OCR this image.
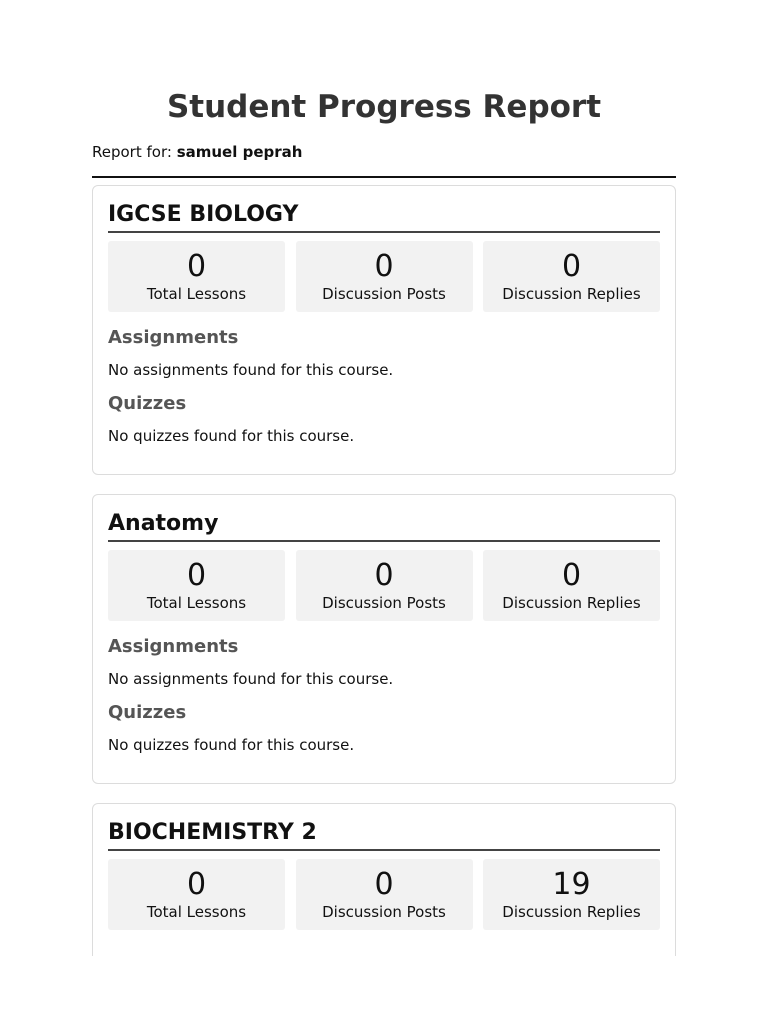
Student Progress Report
Report for: samuel peprah
IGCSE BIOLOGY
0
Total Lessons
0
Discussion Posts
0
Discussion Replies
Assignments
No assignments found for this course.
Quizzes
No quizzes found for this course.
Anatomy
0
Total Lessons
0
Discussion Posts
0
Discussion Replies
Assignments
No assignments found for this course.
Quizzes
No quizzes found for this course.
BIOCHEMISTRY 2
0
Total Lessons
0
Discussion Posts
19
Discussion Replies
